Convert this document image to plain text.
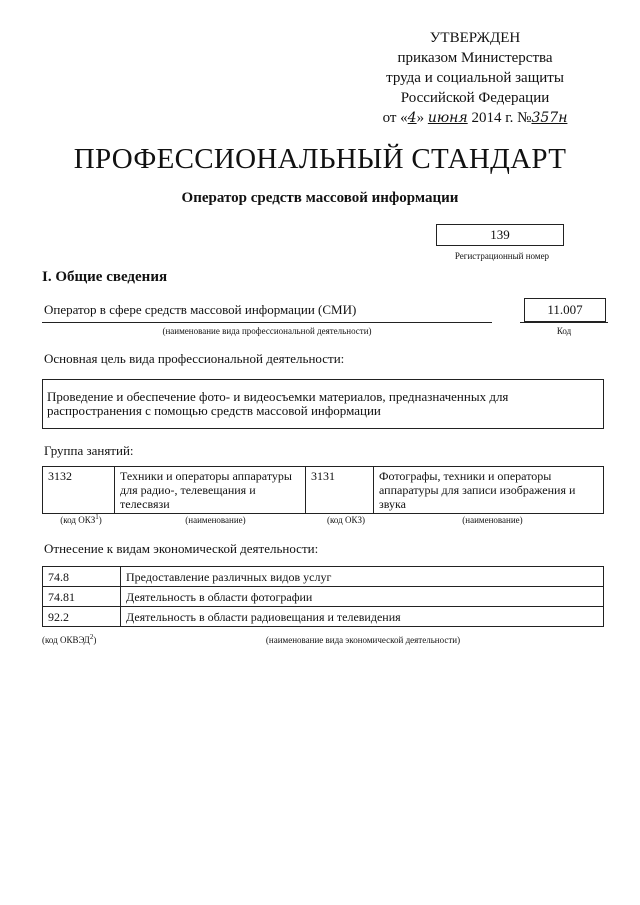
УТВЕРЖДЕН
приказом Министерства
труда и социальной защиты
Российской Федерации
от «4» июня 2014 г. №357н
ПРОФЕССИОНАЛЬНЫЙ СТАНДАРТ
Оператор средств массовой информации
139
Регистрационный номер
I. Общие сведения
Оператор в сфере средств массовой информации (СМИ)
(наименование вида профессиональной деятельности)
11.007
Код
Основная цель вида профессиональной деятельности:
Проведение и обеспечение фото- и видеосъемки материалов, предназначенных для распространения с помощью средств массовой информации
Группа занятий:
3132	Техники и операторы аппаратуры для радио-, телевещания и телесвязи	3131	Фотографы, техники и операторы аппаратуры для записи изображения и звука
(код ОКЗ$^1$)	(наименование)	(код ОКЗ)	(наименование)
Отнесение к видам экономической деятельности:
74.8	Предоставление различных видов услуг
74.81	Деятельность в области фотографии
92.2	Деятельность в области радиовещания и телевидения
(код ОКВЭД$^2$)	(наименование вида экономической деятельности)
